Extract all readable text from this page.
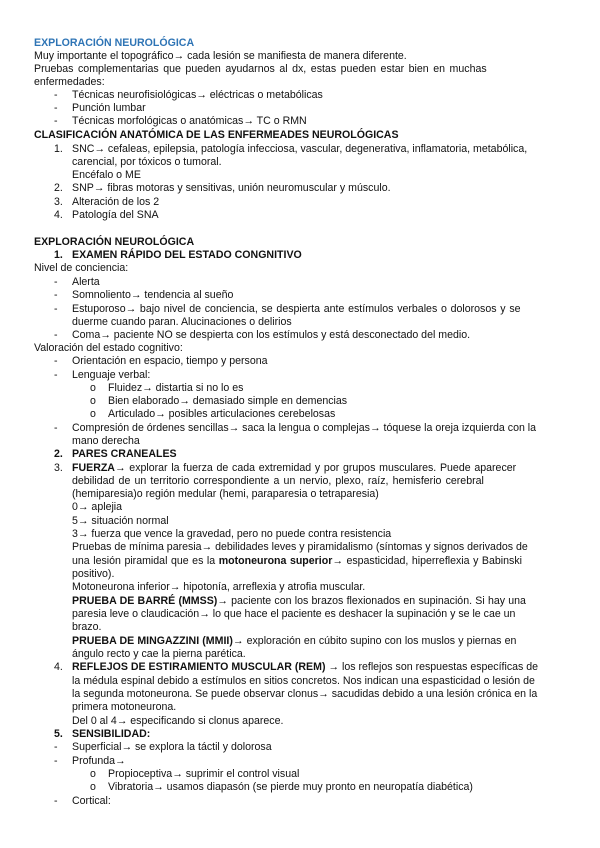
EXPLORACIÓN NEUROLÓGICA
Muy importante el topográfico→ cada lesión se manifiesta de manera diferente.
Pruebas complementarias que pueden ayudarnos al dx, estas pueden estar bien en muchas
enfermedades:
- Técnicas neurofisiológicas→ eléctricas o metabólicas
- Punción lumbar
- Técnicas morfológicas o anatómicas→ TC o RMN
CLASIFICACIÓN ANATÓMICA DE LAS ENFERMEADES NEUROLÓGICAS
1. SNC→ cefaleas, epilepsia, patología infecciosa, vascular, degenerativa, inflamatoria, metabólica,
carencial, por tóxicos o tumoral.
Encéfalo o ME
2. SNP→ fibras motoras y sensitivas, unión neuromuscular y músculo.
3. Alteración de los 2
4. Patología del SNA
EXPLORACIÓN NEUROLÓGICA
1. EXAMEN RÁPIDO DEL ESTADO CONGNITIVO
Nivel de conciencia:
- Alerta
- Somnoliento→ tendencia al sueño
- Estuporoso→ bajo nivel de conciencia, se despierta ante estímulos verbales o dolorosos y se
duerme cuando paran. Alucinaciones o delirios
- Coma→ paciente NO se despierta con los estímulos y está desconectado del medio.
Valoración del estado cognitivo:
- Orientación en espacio, tiempo y persona
- Lenguaje verbal:
o Fluidez→ distartia si no lo es
o Bien elaborado→ demasiado simple en demencias
o Articulado→ posibles articulaciones cerebelosas
- Compresión de órdenes sencillas→ saca la lengua o complejas→ tóquese la oreja izquierda con la
mano derecha
2. PARES CRANEALES
3. FUERZA→ explorar la fuerza de cada extremidad y por grupos musculares. Puede aparecer
debilidad de un territorio correspondiente a un nervio, plexo, raíz, hemisferio cerebral
(hemiparesia)o región medular (hemi, paraparesia o tetraparesia)
0→ aplejia
5→ situación normal
3→ fuerza que vence la gravedad, pero no puede contra resistencia
Pruebas de mínima paresia→ debilidades leves y piramidalismo (síntomas y signos derivados de
una lesión piramidal que es la motoneurona superior→ espasticidad, hiperreflexia y Babinski
positivo).
Motoneurona inferior→ hipotonía, arreflexia y atrofia muscular.
PRUEBA DE BARRÉ (MMSS)→ paciente con los brazos flexionados en supinación. Si hay una
paresia leve o claudicación→ lo que hace el paciente es deshacer la supinación y se le cae un
brazo.
PRUEBA DE MINGAZZINI (MMII)→ exploración en cúbito supino con los muslos y piernas en
ángulo recto y cae la pierna parética.
4. REFLEJOS DE ESTIRAMIENTO MUSCULAR (REM) → los reflejos son respuestas específicas de
la médula espinal debido a estímulos en sitios concretos. Nos indican una espasticidad o lesión de
la segunda motoneurona. Se puede observar clonus→ sacudidas debido a una lesión crónica en la
primera motoneurona.
Del 0 al 4→ especificando si clonus aparece.
5. SENSIBILIDAD:
- Superficial→ se explora la táctil y dolorosa
- Profunda→
o Propioceptiva→ suprimir el control visual
o Vibratoria→ usamos diapasón (se pierde muy pronto en neuropatía diabética)
- Cortical:
